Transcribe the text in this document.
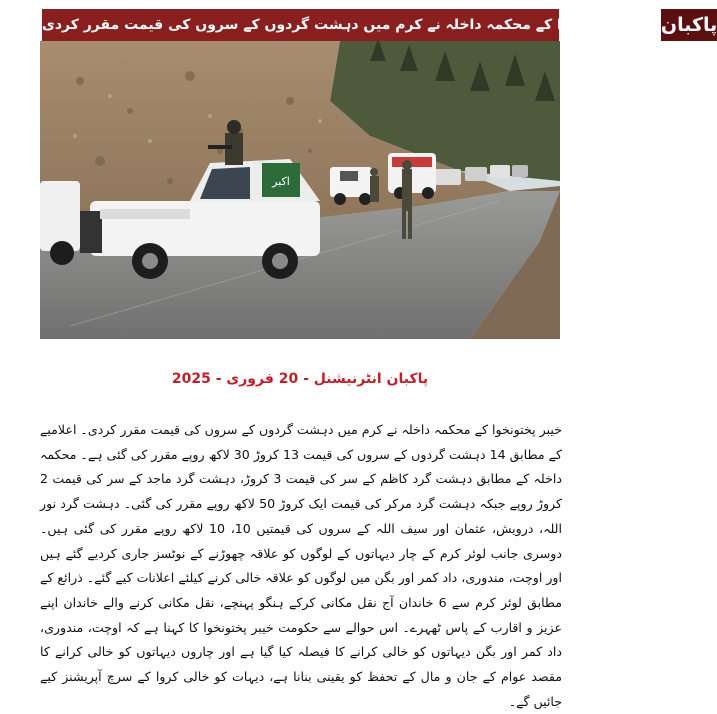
خیبر پختونخوا کے محکمہ داخلہ نے کرم میں دہشت گردوں کے سروں کی قیمت مقرر کردی پاکبان
اکبر
پاکبان انٹرنیشنل - 20 فروری - 2025
خیبر پختونخوا کے محکمہ داخلہ نے کرم میں دہشت گردوں کے سروں کی قیمت مقرر کردی۔ اعلامیے کے مطابق 14 دہشت گردوں کے سروں کی قیمت 13 کروڑ 30 لاکھ روپے مقرر کی گئی ہے۔ محکمہ داخلہ کے مطابق دہشت گرد کاظم کے سر کی قیمت 3 کروڑ، دہشت گرد ماجد کے سر کی قیمت 2 کروڑ روپے جبکہ دہشت گرد مرکر کی قیمت ایک کروڑ 50 لاکھ روپے مقرر کی گئی۔ دہشت گرد نور اللہ، درویش، عثمان اور سیف اللہ کے سروں کی قیمتیں 10، 10 لاکھ روپے مقرر کی گئی ہیں۔ دوسری جانب لوئر کرم کے چار دیہاتوں کے لوگوں کو علاقہ چھوڑنے کے نوٹسز جاری کردیے گئے ہیں اور اوچت، مندوری، داد کمر اور بگن میں لوگوں کو علاقہ خالی کرنے کیلئے اعلانات کیے گئے۔ ذرائع کے مطابق لوئر کرم سے 6 خاندان آج نقل مکانی کرکے ہنگو پہنچے، نقل مکانی کرنے والے خاندان اپنے عزیز و اقارب کے پاس ٹھہرے۔ اس حوالے سے حکومت خیبر پختونخوا کا کہنا ہے کہ اوچت، مندوری، داد کمر اور بگن دیہاتوں کو خالی کرانے کا فیصلہ کیا گیا ہے اور چاروں دیہاتوں کو خالی کرانے کا مقصد عوام کے جان و مال کے تحفظ کو یقینی بنانا ہے، دیہات کو خالی کروا کے سرچ آپریشنز کیے جائیں گے۔
